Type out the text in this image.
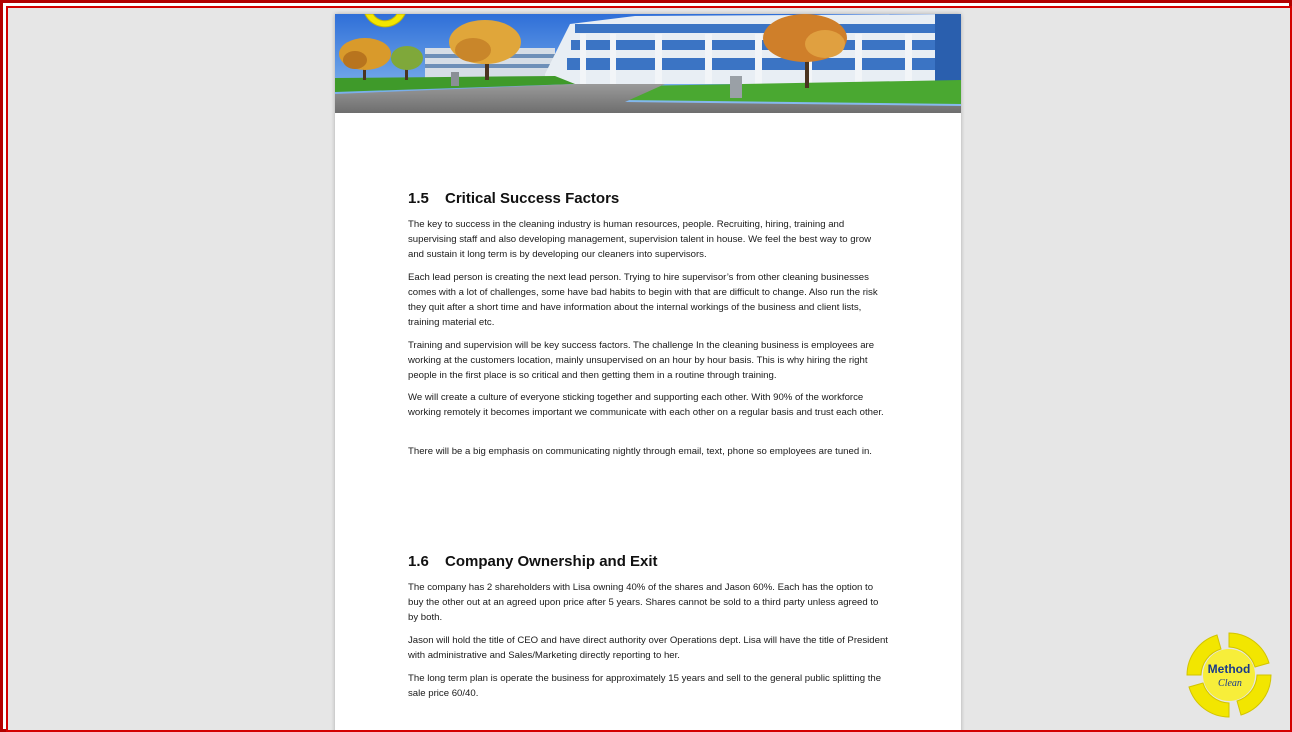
1.5 Critical Success Factors

The key to success in the cleaning industry is human resources, people. Recruiting, hiring, training and supervising staff and also developing management, supervision talent in house. We feel the best way to grow and sustain it long term is by developing our cleaners into supervisors.

Each lead person is creating the next lead person. Trying to hire supervisor’s from other cleaning businesses comes with a lot of challenges, some have bad habits to begin with that are difficult to change. Also run the risk they quit after a short time and have information about the internal workings of the business and client lists, training material etc.

Training and supervision will be key success factors. The challenge In the cleaning business is employees are working at the customers location, mainly unsupervised on an hour by hour basis. This is why hiring the right people in the first place is so critical and then getting them in a routine through training.

We will create a culture of everyone sticking together and supporting each other. With 90% of the workforce working remotely it becomes important we communicate with each other on a regular basis and trust each other.

There will be a big emphasis on communicating nightly through email, text, phone so employees are tuned in.

1.6 Company Ownership and Exit

The company has 2 shareholders with Lisa owning 40% of the shares and Jason 60%. Each has the option to buy the other out at an agreed upon price after 5 years. Shares cannot be sold to a third party unless agreed to by both.

Jason will hold the title of CEO and have direct authority over Operations dept. Lisa will have the title of President with administrative and Sales/Marketing directly reporting to her.

The long term plan is operate the business for approximately 15 years and sell to the general public splitting the sale price 60/40.

Method
Clean
